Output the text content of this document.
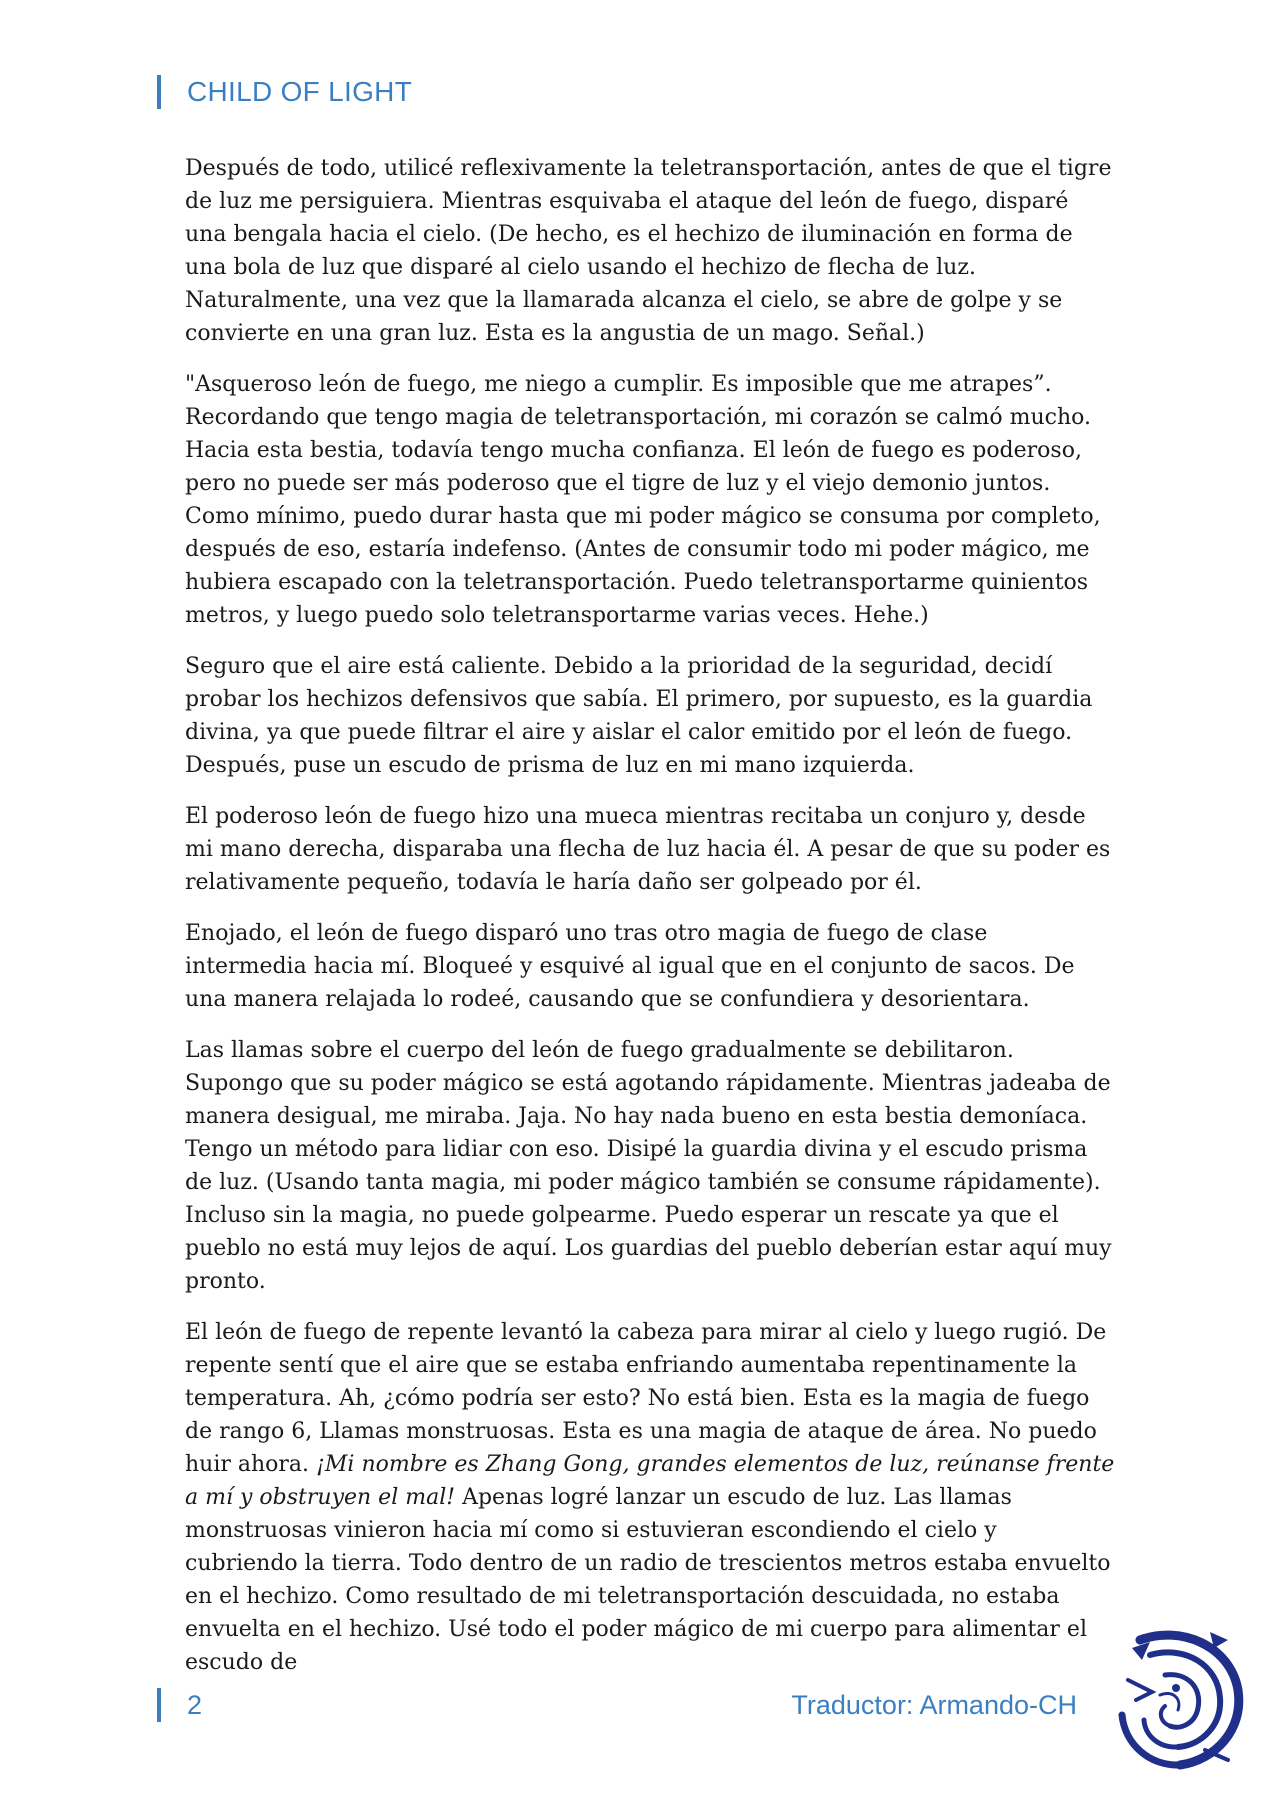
CHILD OF LIGHT

Después de todo, utilicé reflexivamente la teletransportación, antes de que el tigre de luz me persiguiera. Mientras esquivaba el ataque del león de fuego, disparé una bengala hacia el cielo. (De hecho, es el hechizo de iluminación en forma de una bola de luz que disparé al cielo usando el hechizo de flecha de luz. Naturalmente, una vez que la llamarada alcanza el cielo, se abre de golpe y se convierte en una gran luz. Esta es la angustia de un mago. Señal.)

"Asqueroso león de fuego, me niego a cumplir. Es imposible que me atrapes”. Recordando que tengo magia de teletransportación, mi corazón se calmó mucho. Hacia esta bestia, todavía tengo mucha confianza. El león de fuego es poderoso, pero no puede ser más poderoso que el tigre de luz y el viejo demonio juntos. Como mínimo, puedo durar hasta que mi poder mágico se consuma por completo, después de eso, estaría indefenso. (Antes de consumir todo mi poder mágico, me hubiera escapado con la teletransportación. Puedo teletransportarme quinientos metros, y luego puedo solo teletransportarme varias veces. Hehe.)

Seguro que el aire está caliente. Debido a la prioridad de la seguridad, decidí probar los hechizos defensivos que sabía. El primero, por supuesto, es la guardia divina, ya que puede filtrar el aire y aislar el calor emitido por el león de fuego. Después, puse un escudo de prisma de luz en mi mano izquierda.

El poderoso león de fuego hizo una mueca mientras recitaba un conjuro y, desde mi mano derecha, disparaba una flecha de luz hacia él. A pesar de que su poder es relativamente pequeño, todavía le haría daño ser golpeado por él.

Enojado, el león de fuego disparó uno tras otro magia de fuego de clase intermedia hacia mí. Bloqueé y esquivé al igual que en el conjunto de sacos. De una manera relajada lo rodeé, causando que se confundiera y desorientara.

Las llamas sobre el cuerpo del león de fuego gradualmente se debilitaron. Supongo que su poder mágico se está agotando rápidamente. Mientras jadeaba de manera desigual, me miraba. Jaja. No hay nada bueno en esta bestia demoníaca. Tengo un método para lidiar con eso. Disipé la guardia divina y el escudo prisma de luz. (Usando tanta magia, mi poder mágico también se consume rápidamente). Incluso sin la magia, no puede golpearme. Puedo esperar un rescate ya que el pueblo no está muy lejos de aquí. Los guardias del pueblo deberían estar aquí muy pronto.

El león de fuego de repente levantó la cabeza para mirar al cielo y luego rugió. De repente sentí que el aire que se estaba enfriando aumentaba repentinamente la temperatura. Ah, ¿cómo podría ser esto? No está bien. Esta es la magia de fuego de rango 6, Llamas monstruosas. Esta es una magia de ataque de área. No puedo huir ahora. ¡Mi nombre es Zhang Gong, grandes elementos de luz, reúnanse frente a mí y obstruyen el mal! Apenas logré lanzar un escudo de luz. Las llamas monstruosas vinieron hacia mí como si estuvieran escondiendo el cielo y cubriendo la tierra. Todo dentro de un radio de trescientos metros estaba envuelto en el hechizo. Como resultado de mi teletransportación descuidada, no estaba envuelta en el hechizo. Usé todo el poder mágico de mi cuerpo para alimentar el escudo de

2	Traductor: Armando-CH
